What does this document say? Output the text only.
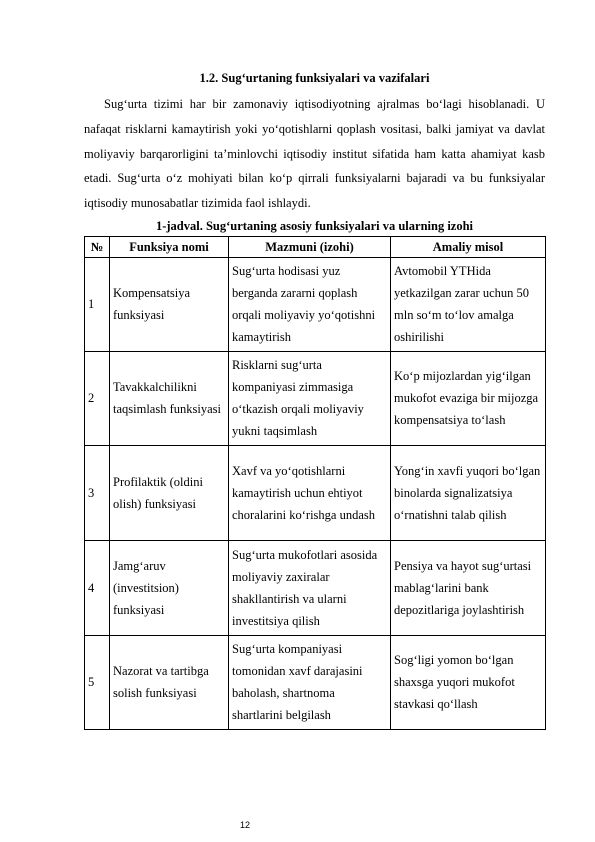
1.2. Sug‘urtaning funksiyalari va vazifalari

Sug‘urta tizimi har bir zamonaviy iqtisodiyotning ajralmas bo‘lagi hisoblanadi. U nafaqat risklarni kamaytirish yoki yo‘qotishlarni qoplash vositasi, balki jamiyat va davlat moliyaviy barqarorligini ta’minlovchi iqtisodiy institut sifatida ham katta ahamiyat kasb etadi. Sug‘urta o‘z mohiyati bilan ko‘p qirrali funksiyalarni bajaradi va bu funksiyalar iqtisodiy munosabatlar tizimida faol ishlaydi.

1-jadval. Sug‘urtaning asosiy funksiyalari va ularning izohi
№	Funksiya nomi	Mazmuni (izohi)	Amaliy misol
1	Kompensatsiya funksiyasi	Sug‘urta hodisasi yuz berganda zararni qoplash orqali moliyaviy yo‘qotishni kamaytirish	Avtomobil YTHida yetkazilgan zarar uchun 50 mln so‘m to‘lov amalga oshirilishi
2	Tavakkalchilikni taqsimlash funksiyasi	Risklarni sug‘urta kompaniyasi zimmasiga o‘tkazish orqali moliyaviy yukni taqsimlash	Ko‘p mijozlardan yig‘ilgan mukofot evaziga bir mijozga kompensatsiya to‘lash
3	Profilaktik (oldini olish) funksiyasi	Xavf va yo‘qotishlarni kamaytirish uchun ehtiyot choralarini ko‘rishga undash	Yong‘in xavfi yuqori bo‘lgan binolarda signalizatsiya o‘rnatishni talab qilish
4	Jamg‘aruv (investitsion) funksiyasi	Sug‘urta mukofotlari asosida moliyaviy zaxiralar shakllantirish va ularni investitsiya qilish	Pensiya va hayot sug‘urtasi mablag‘larini bank depozitlariga joylashtirish
5	Nazorat va tartibga solish funksiyasi	Sug‘urta kompaniyasi tomonidan xavf darajasini baholash, shartnoma shartlarini belgilash	Sog‘ligi yomon bo‘lgan shaxsga yuqori mukofot stavkasi qo‘llash
12
